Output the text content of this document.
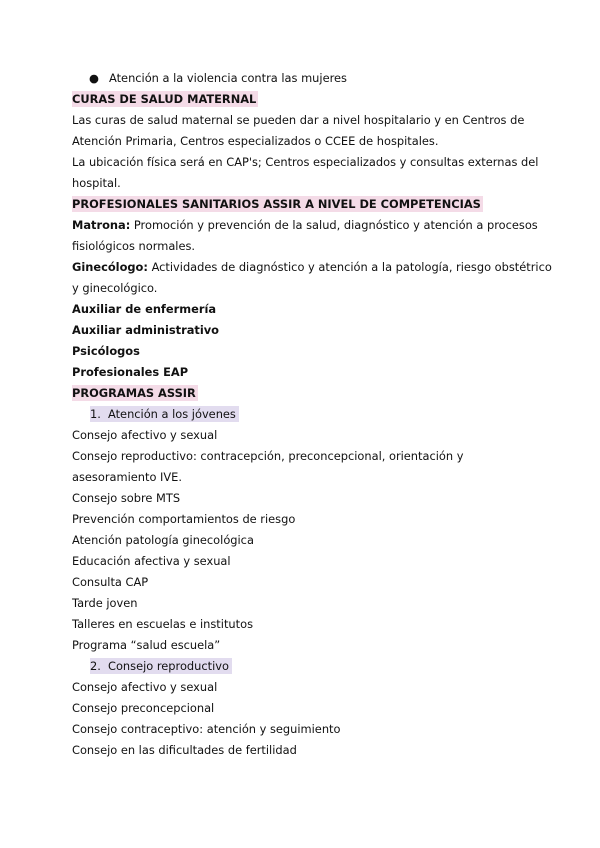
● Atención a la violencia contra las mujeres
CURAS DE SALUD MATERNAL
Las curas de salud maternal se pueden dar a nivel hospitalario y en Centros de
Atención Primaria, Centros especializados o CCEE de hospitales.
La ubicación física será en CAP's; Centros especializados y consultas externas del
hospital.
PROFESIONALES SANITARIOS ASSIR A NIVEL DE COMPETENCIAS
Matrona: Promoción y prevención de la salud, diagnóstico y atención a procesos
fisiológicos normales.
Ginecólogo: Actividades de diagnóstico y atención a la patología, riesgo obstétrico
y ginecológico.
Auxiliar de enfermería
Auxiliar administrativo
Psicólogos
Profesionales EAP
PROGRAMAS ASSIR
1. Atención a los jóvenes
Consejo afectivo y sexual
Consejo reproductivo: contracepción, preconcepcional, orientación y
asesoramiento IVE.
Consejo sobre MTS
Prevención comportamientos de riesgo
Atención patología ginecológica
Educación afectiva y sexual
Consulta CAP
Tarde joven
Talleres en escuelas e institutos
Programa “salud escuela”
2. Consejo reproductivo
Consejo afectivo y sexual
Consejo preconcepcional
Consejo contraceptivo: atención y seguimiento
Consejo en las dificultades de fertilidad
